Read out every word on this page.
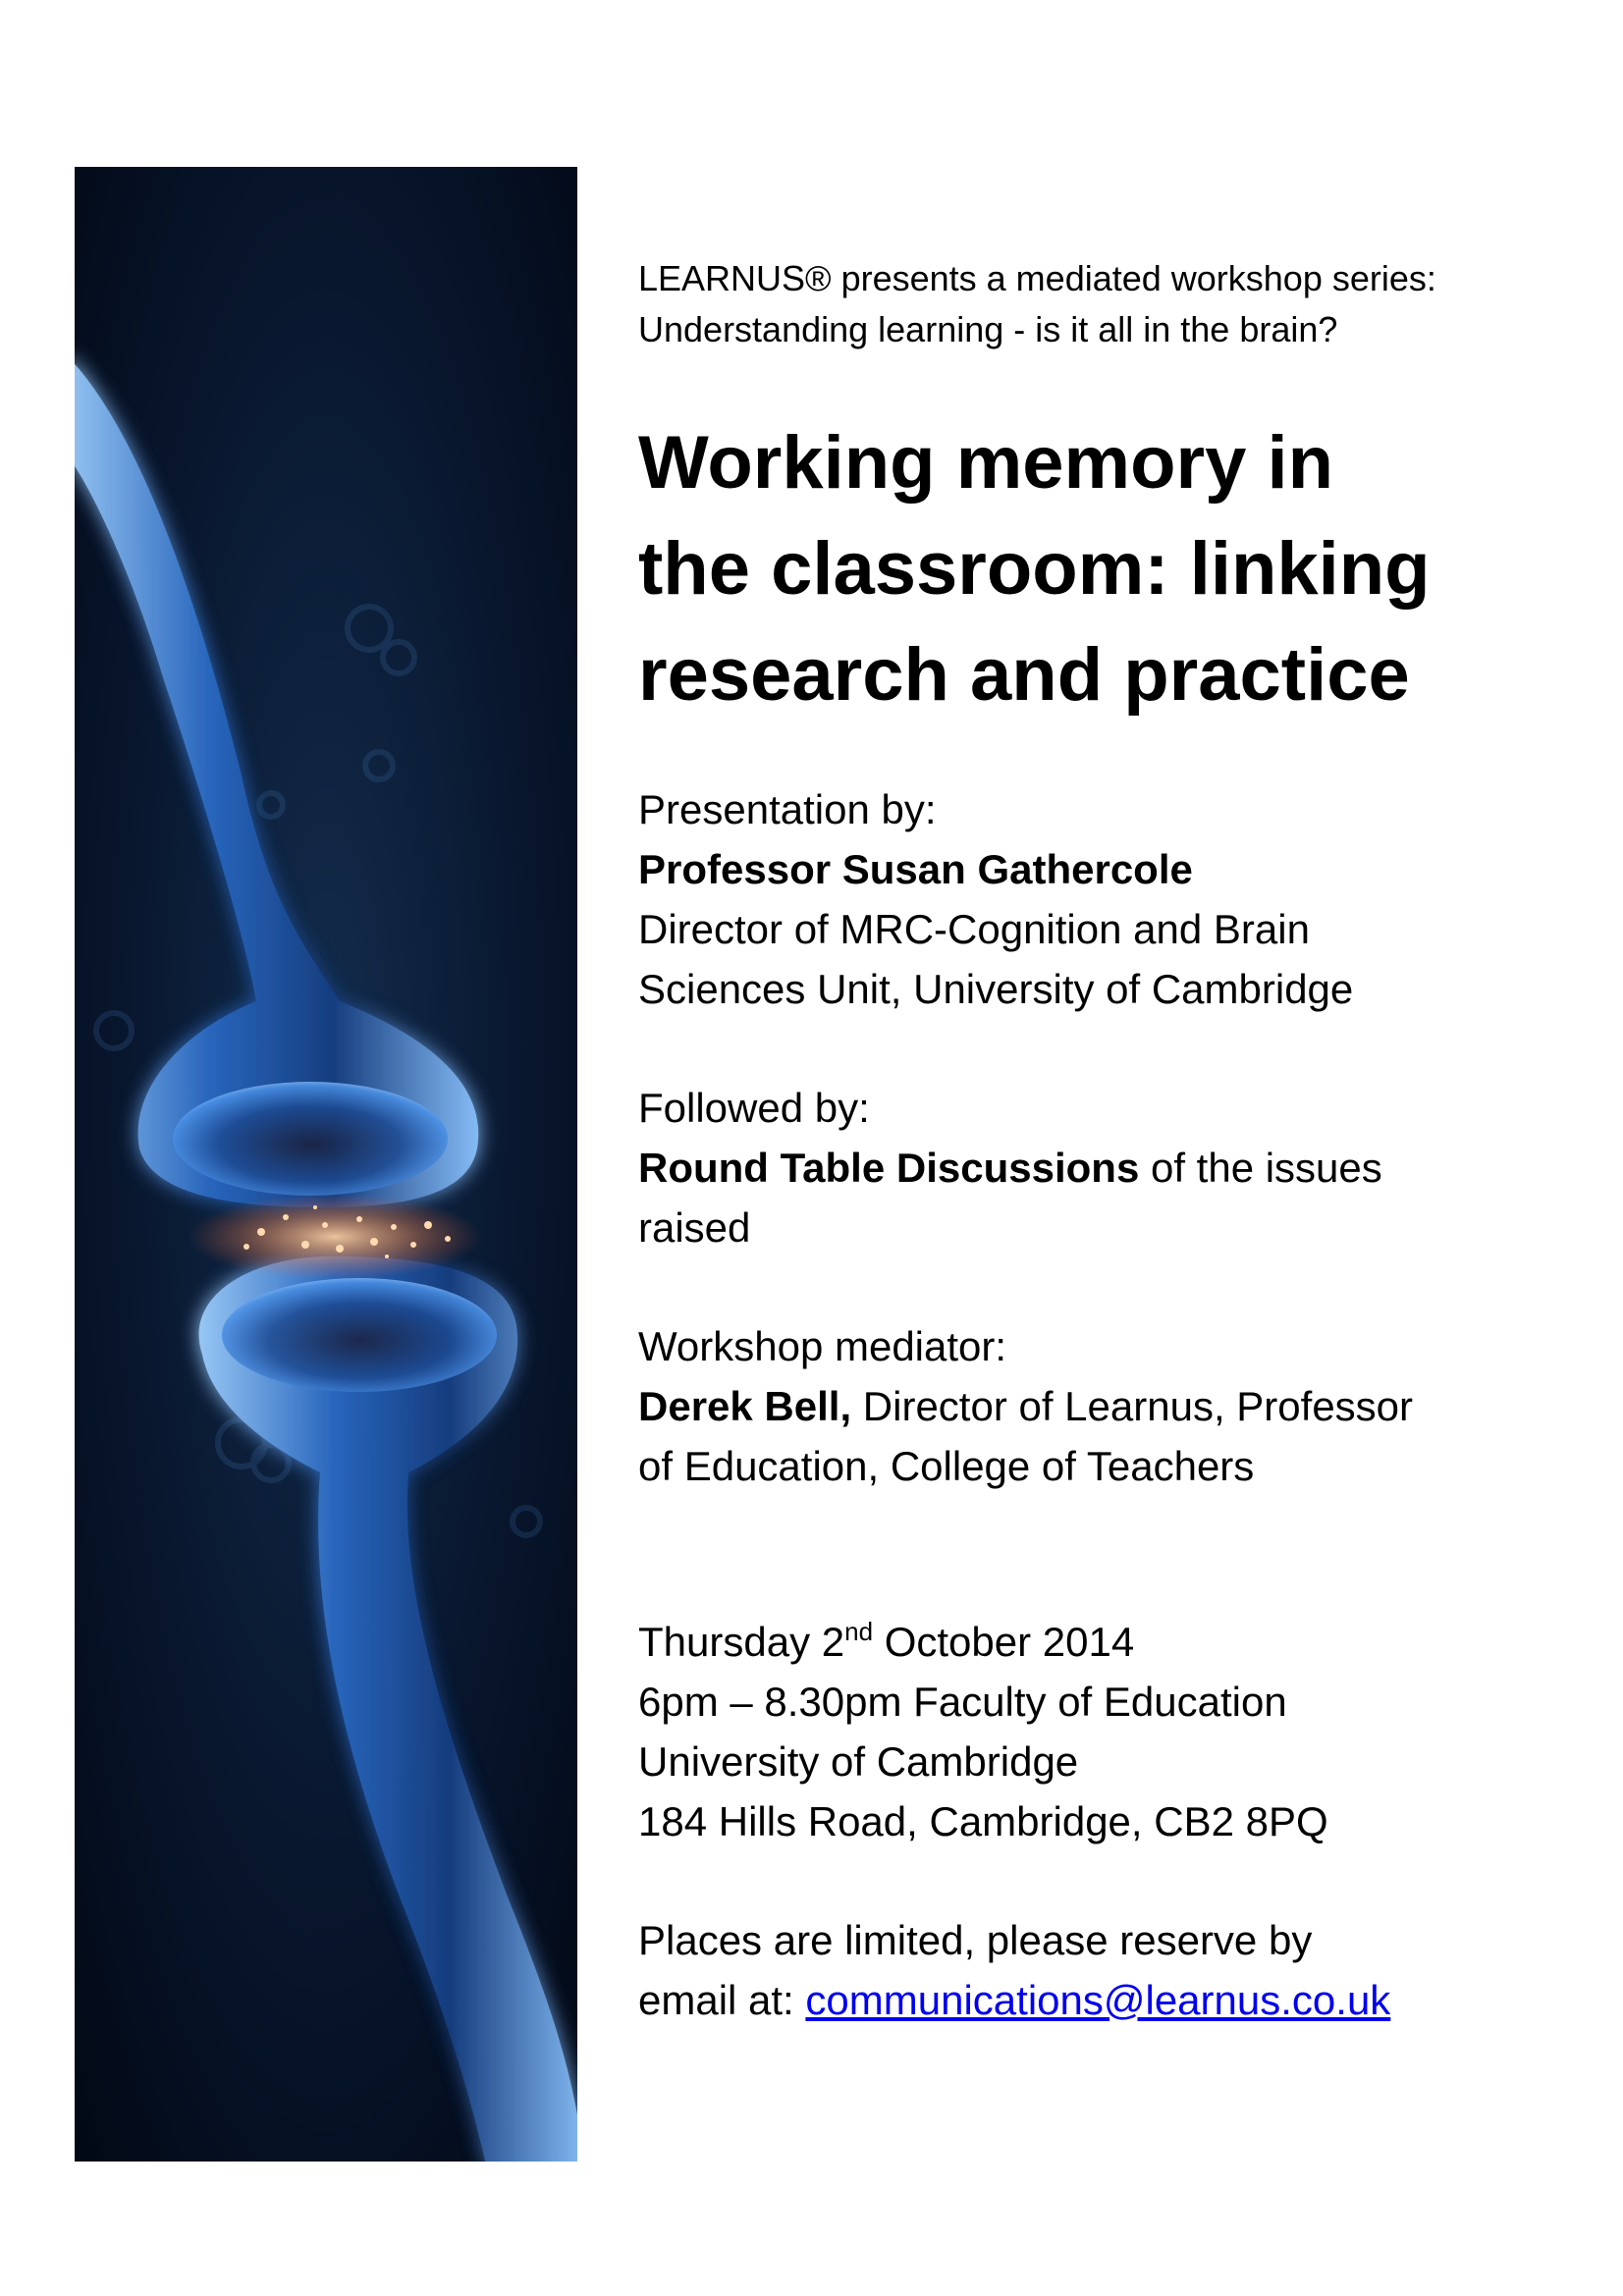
LEARNUS® presents a mediated workshop series:
Understanding learning - is it all in the brain?
Working memory in
the classroom: linking
research and practice
Presentation by:
Professor Susan Gathercole
Director of MRC-Cognition and Brain
Sciences Unit, University of Cambridge
Followed by:
Round Table Discussions of the issues
raised
Workshop mediator:
Derek Bell, Director of Learnus, Professor
of Education, College of Teachers
Thursday 2nd October 2014
6pm – 8.30pm Faculty of Education
University of Cambridge
184 Hills Road, Cambridge, CB2 8PQ
Places are limited, please reserve by
email at: communications@learnus.co.uk
